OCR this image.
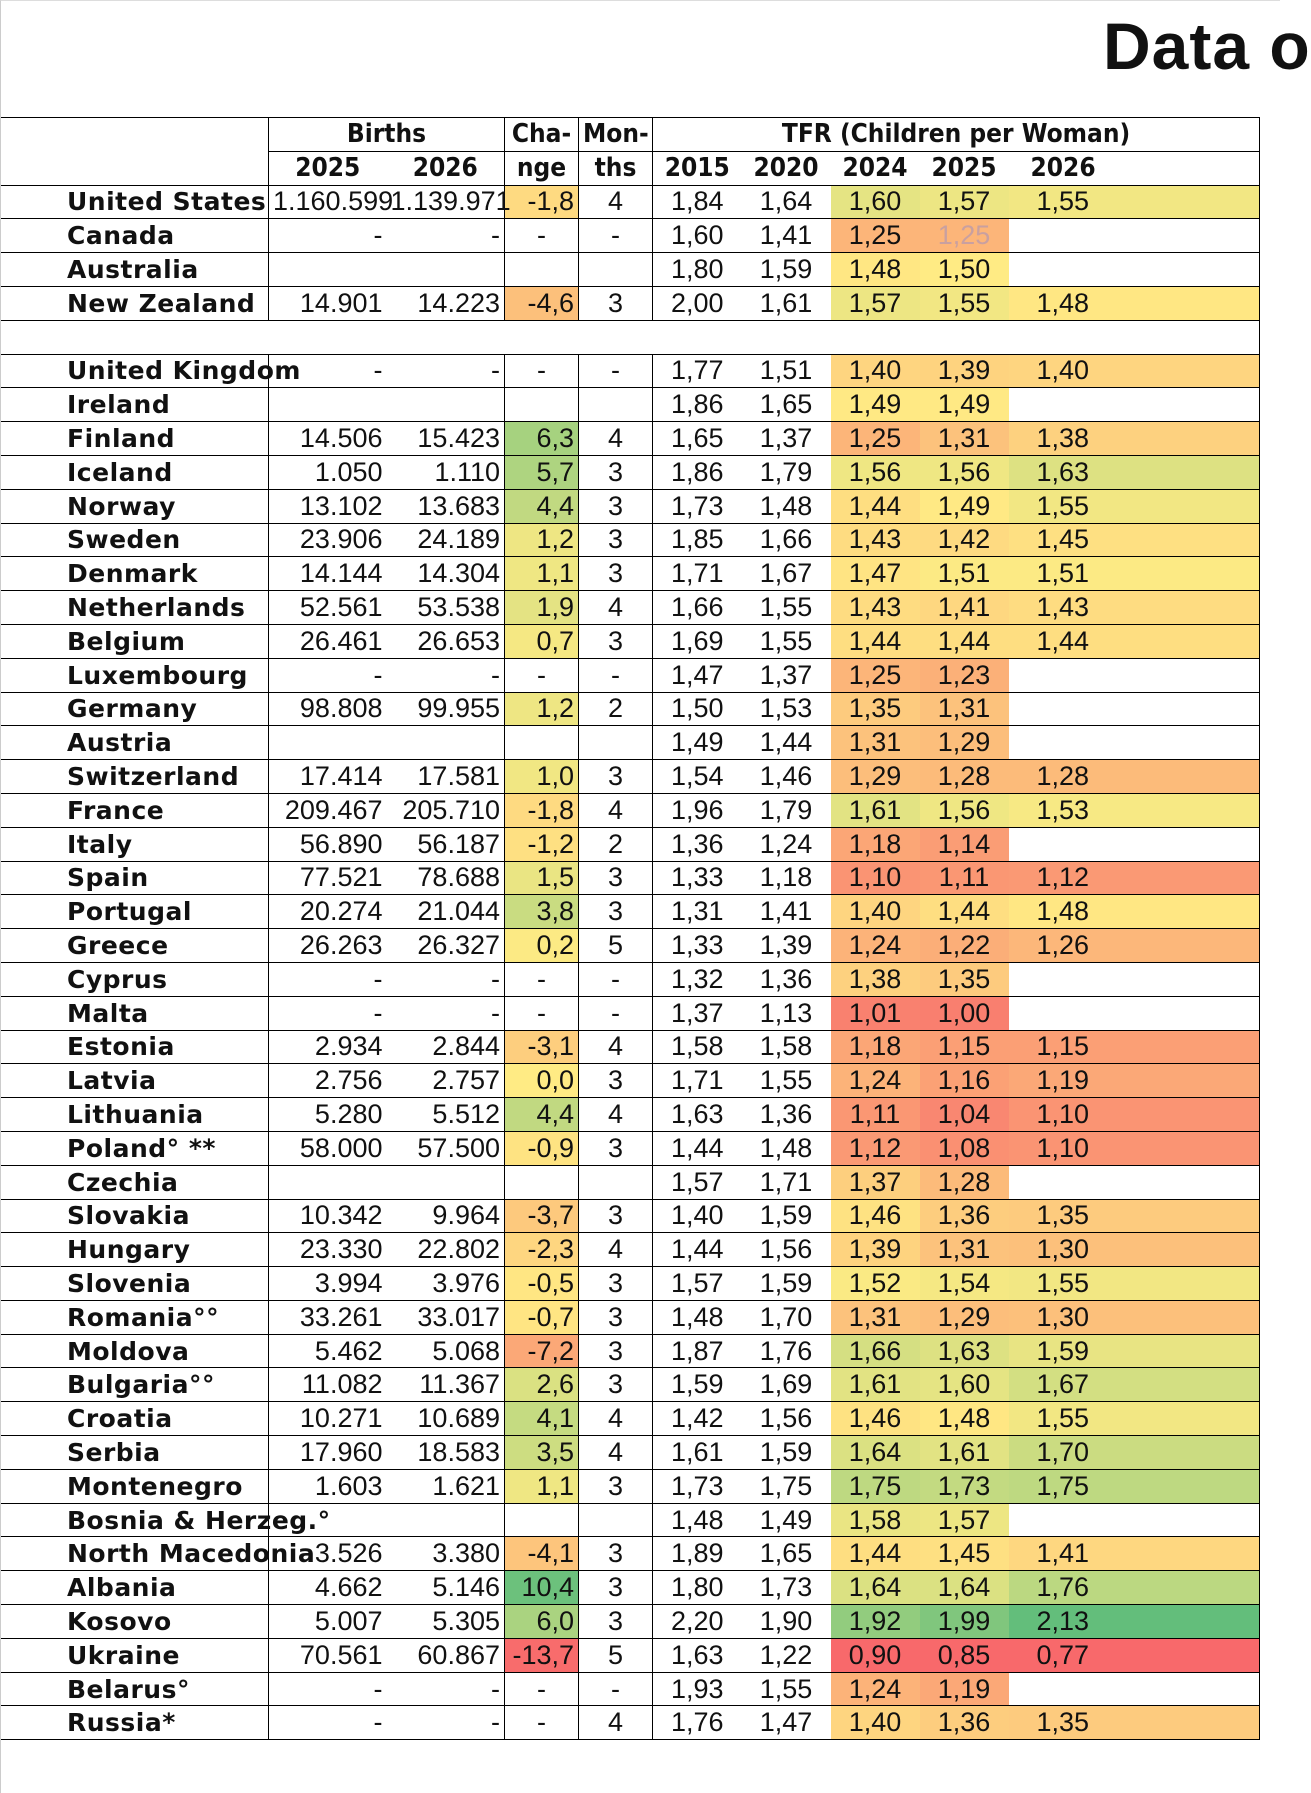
Data o
	Births		Cha-	Mon-	TFR (Children per Woman)				
	2025	2026	nge	ths	2015	2020	2024	2025	2026
United States	1.160.599	1.139.971	-1,8	4	1,84	1,64	1,60	1,57	1,55
Canada	-	-	-	-	1,60	1,41	1,25	1,25	
Australia					1,80	1,59	1,48	1,50	
New Zealand	14.901	14.223	-4,6	3	2,00	1,61	1,57	1,55	1,48

United Kingdom	-	-	-	-	1,77	1,51	1,40	1,39	1,40
Ireland					1,86	1,65	1,49	1,49	
Finland	14.506	15.423	6,3	4	1,65	1,37	1,25	1,31	1,38
Iceland	1.050	1.110	5,7	3	1,86	1,79	1,56	1,56	1,63
Norway	13.102	13.683	4,4	3	1,73	1,48	1,44	1,49	1,55
Sweden	23.906	24.189	1,2	3	1,85	1,66	1,43	1,42	1,45
Denmark	14.144	14.304	1,1	3	1,71	1,67	1,47	1,51	1,51
Netherlands	52.561	53.538	1,9	4	1,66	1,55	1,43	1,41	1,43
Belgium	26.461	26.653	0,7	3	1,69	1,55	1,44	1,44	1,44
Luxembourg	-	-	-	-	1,47	1,37	1,25	1,23	
Germany	98.808	99.955	1,2	2	1,50	1,53	1,35	1,31	
Austria					1,49	1,44	1,31	1,29	
Switzerland	17.414	17.581	1,0	3	1,54	1,46	1,29	1,28	1,28
France	209.467	205.710	-1,8	4	1,96	1,79	1,61	1,56	1,53
Italy	56.890	56.187	-1,2	2	1,36	1,24	1,18	1,14	
Spain	77.521	78.688	1,5	3	1,33	1,18	1,10	1,11	1,12
Portugal	20.274	21.044	3,8	3	1,31	1,41	1,40	1,44	1,48
Greece	26.263	26.327	0,2	5	1,33	1,39	1,24	1,22	1,26
Cyprus	-	-	-	-	1,32	1,36	1,38	1,35	
Malta	-	-	-	-	1,37	1,13	1,01	1,00	
Estonia	2.934	2.844	-3,1	4	1,58	1,58	1,18	1,15	1,15
Latvia	2.756	2.757	0,0	3	1,71	1,55	1,24	1,16	1,19
Lithuania	5.280	5.512	4,4	4	1,63	1,36	1,11	1,04	1,10
Poland° **	58.000	57.500	-0,9	3	1,44	1,48	1,12	1,08	1,10
Czechia					1,57	1,71	1,37	1,28	
Slovakia	10.342	9.964	-3,7	3	1,40	1,59	1,46	1,36	1,35
Hungary	23.330	22.802	-2,3	4	1,44	1,56	1,39	1,31	1,30
Slovenia	3.994	3.976	-0,5	3	1,57	1,59	1,52	1,54	1,55
Romania°°	33.261	33.017	-0,7	3	1,48	1,70	1,31	1,29	1,30
Moldova	5.462	5.068	-7,2	3	1,87	1,76	1,66	1,63	1,59
Bulgaria°°	11.082	11.367	2,6	3	1,59	1,69	1,61	1,60	1,67
Croatia	10.271	10.689	4,1	4	1,42	1,56	1,46	1,48	1,55
Serbia	17.960	18.583	3,5	4	1,61	1,59	1,64	1,61	1,70
Montenegro	1.603	1.621	1,1	3	1,73	1,75	1,75	1,73	1,75
Bosnia & Herzeg.°					1,48	1,49	1,58	1,57	
North Macedonia	3.526	3.380	-4,1	3	1,89	1,65	1,44	1,45	1,41
Albania	4.662	5.146	10,4	3	1,80	1,73	1,64	1,64	1,76
Kosovo	5.007	5.305	6,0	3	2,20	1,90	1,92	1,99	2,13
Ukraine	70.561	60.867	-13,7	5	1,63	1,22	0,90	0,85	0,77
Belarus°	-	-	-	-	1,93	1,55	1,24	1,19	
Russia*	-	-	-	4	1,76	1,47	1,40	1,36	1,35
